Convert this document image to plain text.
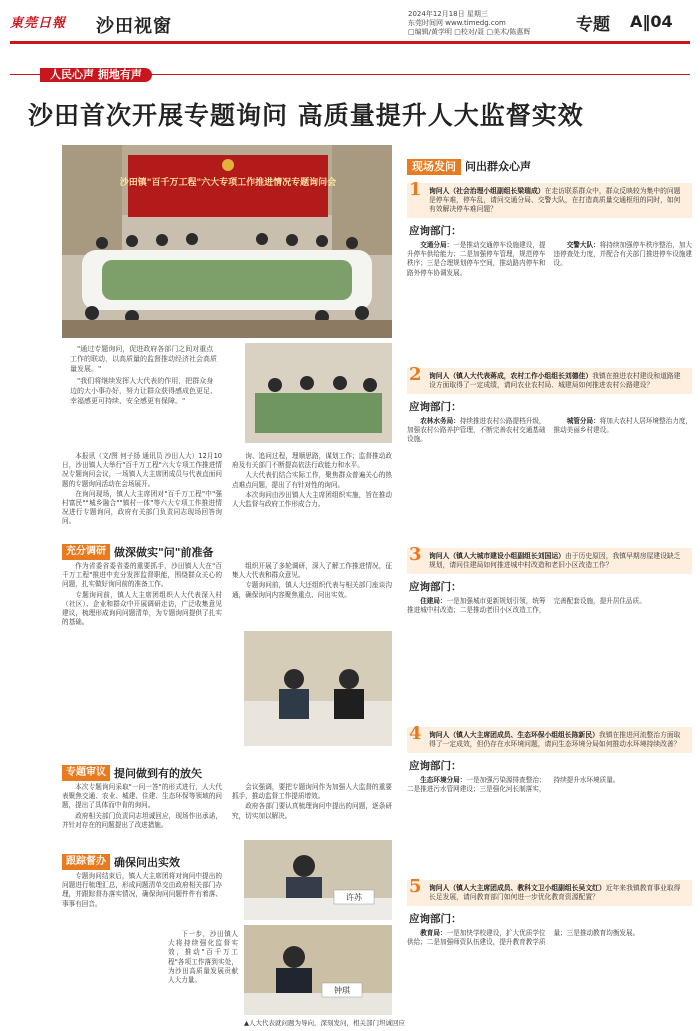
東莞日報	沙田视窗
2024年12月18日 星期三
东莞时间网 www.timedg.com
□编辑/黄学明 □校对/聂 □美术/陈惠辉	专题 A‖04
人民心声 拥地有声
沙田首次开展专题询问 高质量提升人大监督实效
沙田镇"百千万工程"六大专项工作推进情况专题询问会

"通过专题询问，促进政府各部门之间对重点工作的联动，以高质量的监督推动经济社会高质量发展。"

"我们将继续发挥人大代表的作用，把群众身边的大小事办好，努力让群众获得感成色更足、幸福感更可持续、安全感更有保障。"

本报讯（文/图 何子扬 通讯员 沙田人大）12月10日，沙田镇人大举行"百千万工程"六大专项工作推进情况专题询问会议，一场镇人大主席团成员与代表直面问题的专题询问活动在会场展开。

在询问现场，镇人大主席团对"百千万工程"中"强村富民""城乡融合""镇村一体"等六大专项工作推进情况进行专题询问，政府有关部门负责同志现场回答询问。

询、追问过程，理顺思路，谋划工作；监督推动政府及有关部门不断提高依法行政能力和水平。

人大代表们结合实际工作，聚焦群众普遍关心的热点难点问题，提出了有针对性的询问。

本次询问由沙田镇人大主席团组织实施，旨在推动人大监督与政府工作形成合力。

充分调研 做深做实"问"前准备

作为省委省委省委的重要抓手，沙田镇人大在"百千万工程"推进中充分发挥监督职能，围绕群众关心的问题，扎实做好询问前的准备工作。

专题询问前，镇人大主席团组织人大代表深入村（社区）、企业和群众中开展调研走访，广泛收集意见建议，梳理形成询问问题清单，为专题询问提供了扎实的基础。

组织开展了多轮调研，深入了解工作推进情况，征集人大代表和群众意见。

专题询问前，镇人大还组织代表与相关部门座谈沟通，确保询问内容聚焦重点、问出实效。

专题审议 提问做到有的放矢

本次专题询问采取"一问一答"的形式进行，人大代表聚焦交通、农业、城建、住建、生态环保等领域的问题，提出了具体而中肯的询问。

政府相关部门负责同志坦诚回应，现场作出承诺，并针对存在的问题提出了改进措施。

会议强调，要把专题询问作为加强人大监督的重要抓手，推动监督工作提质增效。

政府各部门要认真梳理询问中提出的问题，逐条研究，切实加以解决。

许苏
跟踪督办 确保问出实效

专题询问结束后，镇人大主席团将对询问中提出的问题进行梳理汇总，形成问题清单交由政府相关部门办理，并跟踪督办落实情况，确保询问问题件件有着落、事事有回音。

下一步，沙田镇人大将持续强化监督实效，推动"百千万工程"各项工作落到实处，为沙田高质量发展贡献人大力量。

钟琪
▲人大代表就问题为导向，深刻发问，相关部门坦诚回应
现场发问 问出群众心声
1 询问人（社会治理小组副组长梁瑞成）在走访联系群众中，群众反映较为集中的问题是停车难，停车乱，请问交通分局、交警大队，在打造高质量交通枢纽的同时，如何有效解决停车难问题？
应询部门：

交通分局：一是推动交通停车设施建设，提升停车供给能力；二是加强停车管理，规范停车秩序；三是合理规划停车空间，推动路内停车和路外停车协调发展。

交警大队：将持续加强停车秩序整治，加大违停查处力度，并配合有关部门推进停车设施建设。

2 询问人（镇人大代表蒋成，农村工作小组组长刘德佳）我镇在推进农村建设和道路建设方面取得了一定成绩，请问农业农村局、城建局如何推进农村公路建设？
应询部门：

农林水务局：持续推进农村公路提档升级，加强农村公路养护管理，不断完善农村交通基础设施。

城管分局：将加大农村人居环境整治力度，推动美丽乡村建设。

3 询问人（镇人大城市建设小组副组长刘国运）由于历史原因，我镇早期房屋建设缺乏规划，请问住建局如何推进城中村改造和老旧小区改造工作？
应询部门：

住建局：一是加强城市更新规划引领，统筹推进城中村改造；二是推动老旧小区改造工作，完善配套设施，提升居住品质。

4 询问人（镇人大主席团成员、生态环保小组组长陈新民）我镇在推进河流整治方面取得了一定成效，但仍存在水环境问题，请问生态环境分局如何推动水环境持续改善？
应询部门：

生态环境分局：一是加强污染源排查整治；二是推进污水管网建设；三是强化河长制落实，持续提升水环境质量。

5 询问人（镇人大主席团成员、教科文卫小组副组长吴文红）近年来我镇教育事业取得长足发展，请问教育部门如何进一步优化教育资源配置？
应询部门：

教育局：一是加快学校建设，扩大优质学位供给；二是加强师资队伍建设，提升教育教学质量；三是推动教育均衡发展。
